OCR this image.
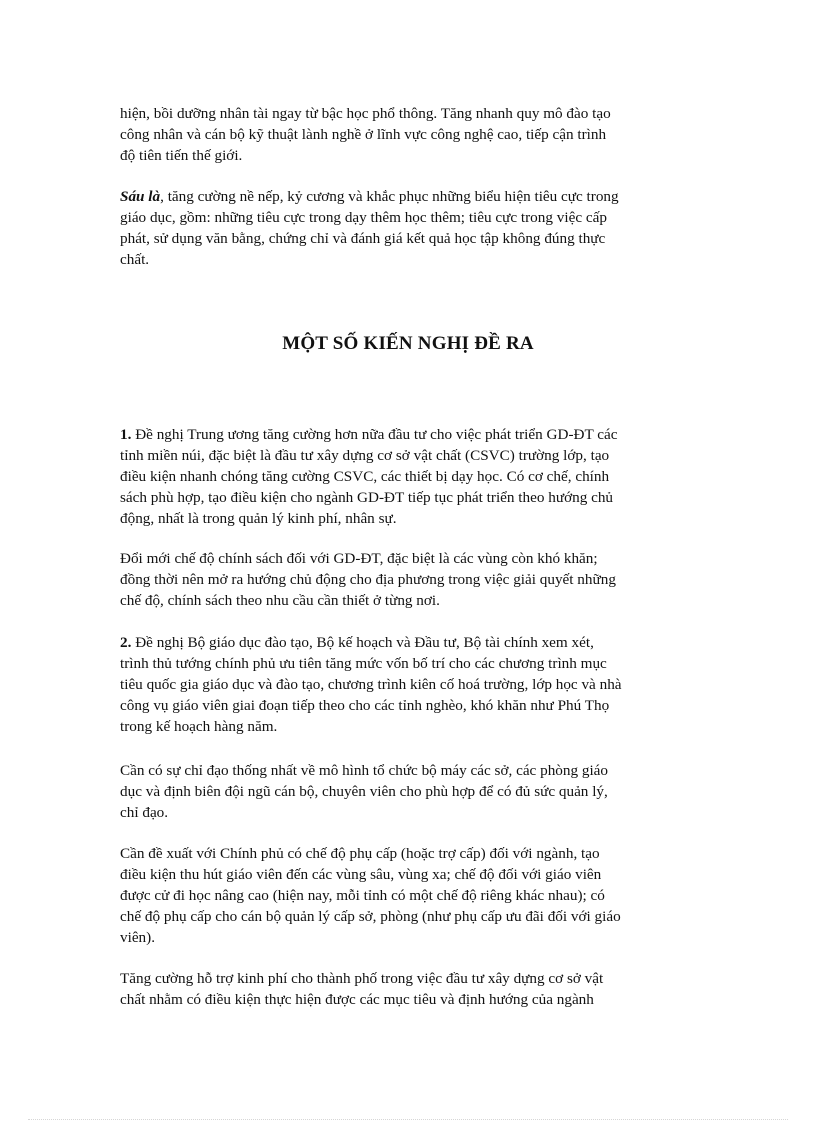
hiện, bồi dưỡng nhân tài ngay từ bậc học phổ thông. Tăng nhanh quy mô đào tạo
công nhân và cán bộ kỹ thuật lành nghề ở lĩnh vực công nghệ cao, tiếp cận trình
độ tiên tiến thế giới.

Sáu là, tăng cường nề nếp, kỷ cương và khắc phục những biểu hiện tiêu cực trong
giáo dục, gồm: những tiêu cực trong dạy thêm học thêm; tiêu cực trong việc cấp
phát, sử dụng văn bằng, chứng chỉ và đánh giá kết quả học tập không đúng thực
chất.

MỘT SỐ KIẾN NGHỊ ĐỀ RA

1. Đề nghị Trung ương tăng cường hơn nữa đầu tư cho việc phát triển GD-ĐT các
tỉnh miền núi, đặc biệt là đầu tư xây dựng cơ sở vật chất (CSVC) trường lớp, tạo
điều kiện nhanh chóng tăng cường CSVC, các thiết bị dạy học. Có cơ chế, chính
sách phù hợp, tạo điều kiện cho ngành GD-ĐT tiếp tục phát triển theo hướng chủ
động, nhất là trong quản lý kinh phí, nhân sự.

Đổi mới chế độ chính sách đối với GD-ĐT, đặc biệt là các vùng còn khó khăn;
đồng thời nên mở ra hướng chủ động cho địa phương trong việc giải quyết những
chế độ, chính sách theo nhu cầu cần thiết ở từng nơi.

2. Đề nghị Bộ giáo dục đào tạo, Bộ kế hoạch và Đầu tư, Bộ tài chính xem xét,
trình thủ tướng chính phủ ưu tiên tăng mức vốn bố trí cho các chương trình mục
tiêu quốc gia giáo dục và đào tạo, chương trình kiên cố hoá trường, lớp học và nhà
công vụ giáo viên giai đoạn tiếp theo cho các tỉnh nghèo, khó khăn như Phú Thọ
trong kế hoạch hàng năm.

Cần có sự chỉ đạo thống nhất về mô hình tổ chức bộ máy các sở, các phòng giáo
dục và định biên đội ngũ cán bộ, chuyên viên cho phù hợp để có đủ sức quản lý,
chỉ đạo.

Cần đề xuất với Chính phủ có chế độ phụ cấp (hoặc trợ cấp) đối với ngành, tạo
điều kiện thu hút giáo viên đến các vùng sâu, vùng xa; chế độ đối với giáo viên
được cử đi học nâng cao (hiện nay, mỗi tỉnh có một chế độ riêng khác nhau); có
chế độ phụ cấp cho cán bộ quản lý cấp sở, phòng (như phụ cấp ưu đãi đối với giáo
viên).

Tăng cường hỗ trợ kinh phí cho thành phố trong việc đầu tư xây dựng cơ sở vật
chất nhằm có điều kiện thực hiện được các mục tiêu và định hướng của ngành
